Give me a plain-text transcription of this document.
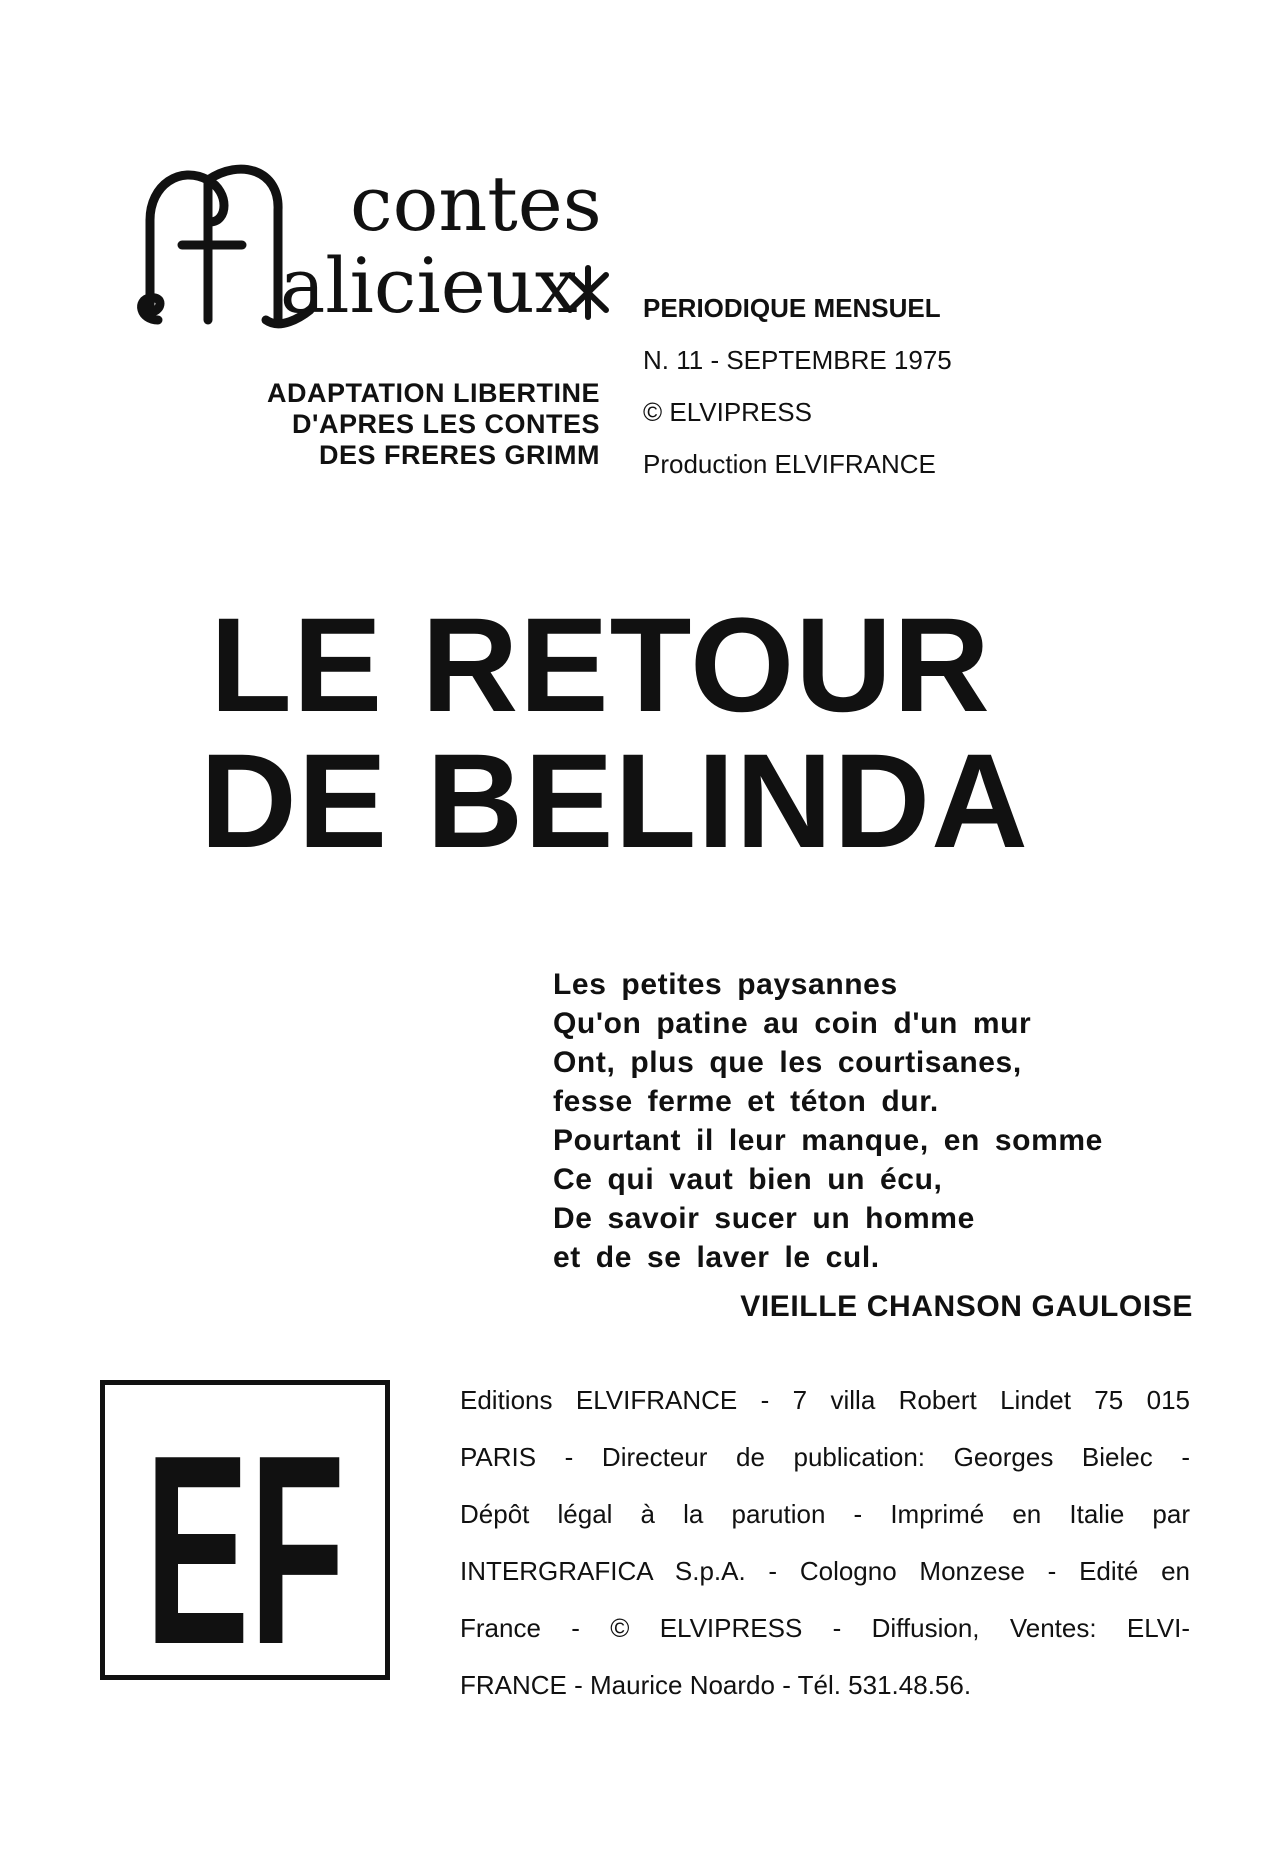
contes
alicieux
ADAPTATION LIBERTINE
D'APRES LES CONTES
DES FRERES GRIMM
PERIODIQUE MENSUEL
N. 11 - SEPTEMBRE 1975
© ELVIPRESS
Production ELVIFRANCE
LE RETOUR
DE BELINDA
Les petites paysannes
Qu'on patine au coin d'un mur
Ont, plus que les courtisanes,
fesse ferme et téton dur.
Pourtant il leur manque, en somme
Ce qui vaut bien un écu,
De savoir sucer un homme
et de se laver le cul.
VIEILLE CHANSON GAULOISE
EF	Editions ELVIFRANCE - 7 villa Robert Lindet 75 015
PARIS - Directeur de publication: Georges Bielec -
Dépôt légal à la parution - Imprimé en Italie par
INTERGRAFICA S.p.A. - Cologno Monzese - Edité en
France - © ELVIPRESS - Diffusion, Ventes: ELVI-
FRANCE - Maurice Noardo - Tél. 531.48.56.
